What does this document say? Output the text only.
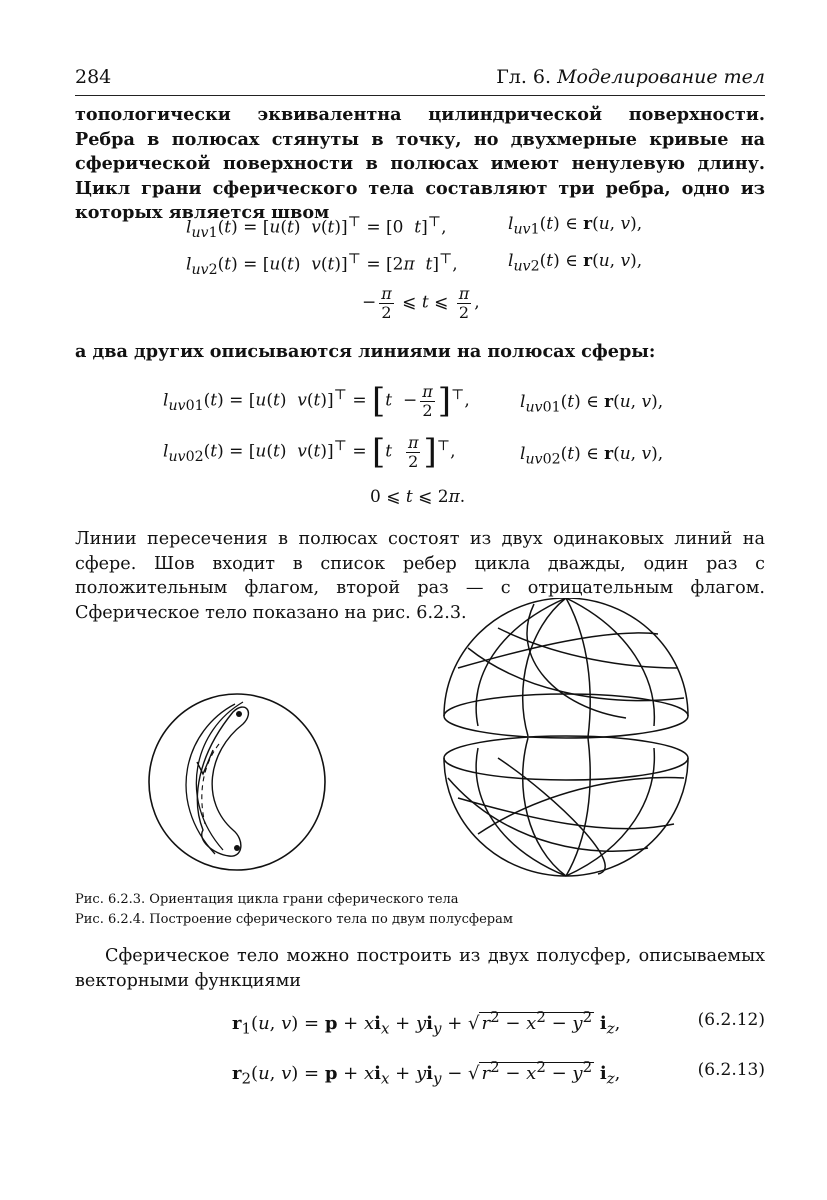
284	Гл. 6. Моделирование тел
топологически эквивалентна цилиндрической поверхности. Ребра в полюсах стянуты в точку, но двухмерные кривые на сферической поверхности в полюсах имеют ненулевую длину. Цикл грани сферического тела составляют три ребра, одно из которых является швом
$l_{uv1}(t) = [u(t) v(t)]^⊤ = [0$  t]⊤,	$l_{uv1}(t)$ ∈ r(u, v),
$l_{uv2}(t) = [u(t) v(t)]^⊤ = [2\pi$ t]⊤,	$l_{uv2}(t)$ ∈ r(u, v),
− $\frac{\pi}{2}$ ⩽ t ⩽ $\frac{\pi}{2}$ ,
а два других описываются линиями на полюсах сферы:
$l_{uv01}(t) = [u(t) v(t)]^⊤ = [t - \frac{\pi}{2} ]^⊤$,	$l_{uv01}(t)$ ∈ r(u, v),
$l_{uv02}(t) = [u(t) v(t)]^⊤ = [t \frac{\pi}{2} ]^⊤$,	$l_{uv02}(t)$ ∈ r(u, v),
0 ⩽ t ⩽ 2π.
Линии пересечения в полюсах состоят из двух одинаковых линий на сфере. Шов входит в список ребер цикла дважды, один раз с положительным флагом, второй раз — с отрицательным флагом. Сферическое тело показано на рис. 6.2.3.
Рис. 6.2.3. Ориентация цикла грани сферического тела
Рис. 6.2.4. Построение сферического тела по двум полусферам
Сферическое тело можно построить из двух полусфер, описываемых векторными функциями
$r_1(u$, $v) = p + xi_x + yi_y$ + √ $r^2 - x^2 - y^2$ $i_z$,	(6.2.12)
$r_2(u$, $v) = p + xi_x + yi_y$ − √ $r^2 - x^2 - y^2$ $i_z$,	(6.2.13)
